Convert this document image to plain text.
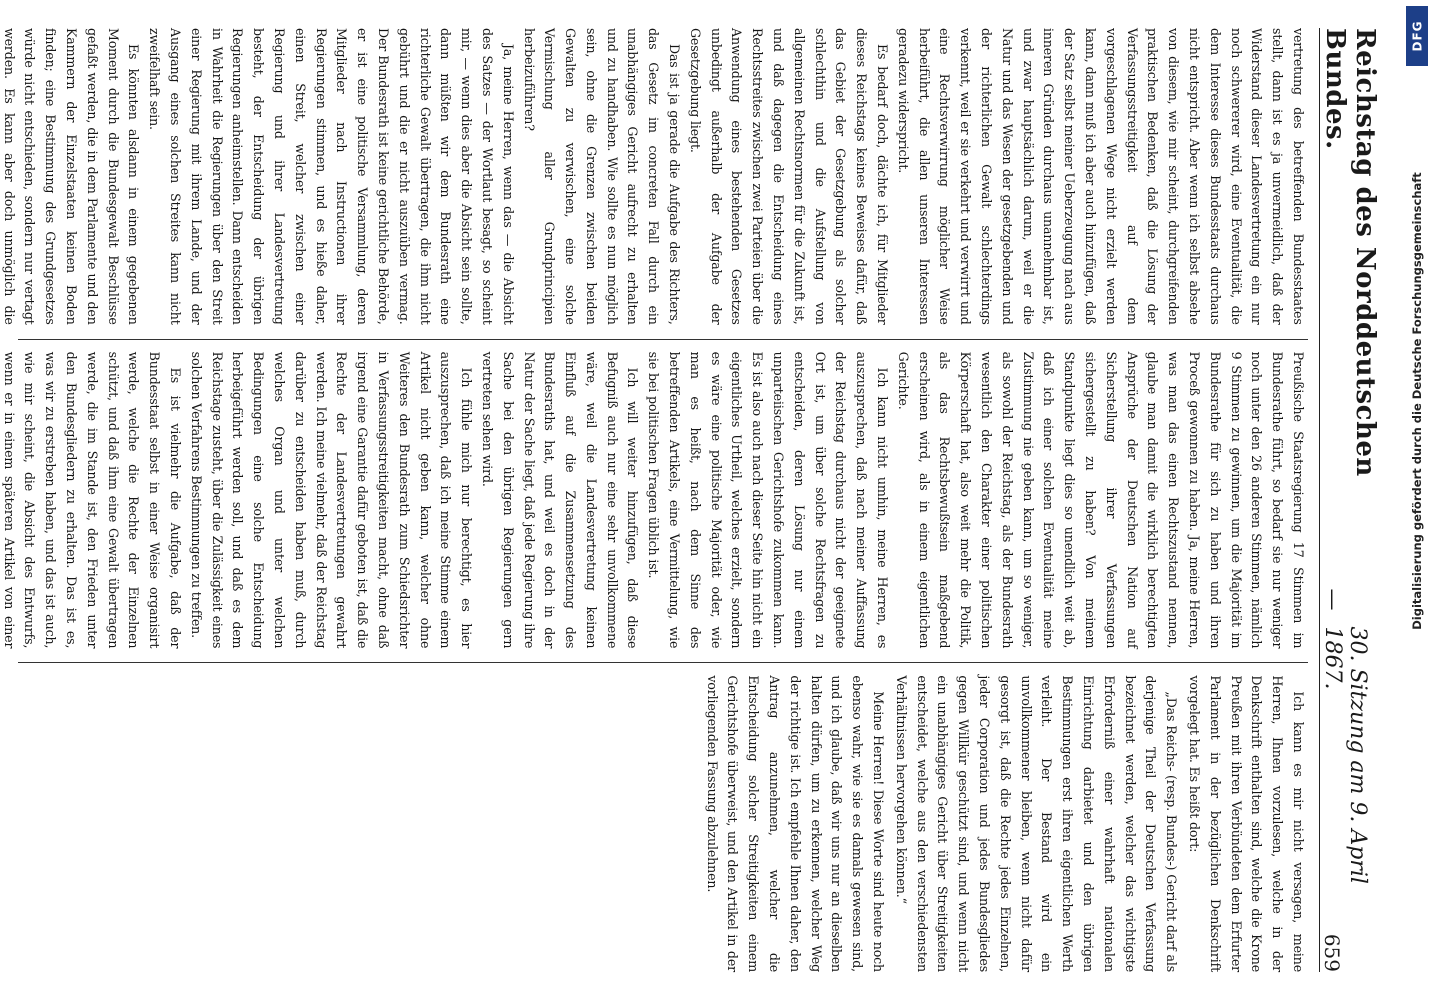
Reichstag des Norddeutschen Bundes.
—
30. Sitzung am 9. April 1867.
659

vertretung des betreffenden Bundesstaates stellt, dann ist es ja unvermeidlich, daß der Widerstand dieser Landesvertretung ein nur noch schwererer wird, eine Eventualität, die dem Interesse dieses Bundesstaats durchaus nicht entspricht. Aber wenn ich selbst absehe von diesem, wie mir scheint, durchgreifenden praktischen Bedenken, daß die Lösung der Verfassungsstreitigkeit auf dem vorgeschlagenen Wege nicht erzielt werden kann, dann muß ich aber auch hinzufügen, daß der Satz selbst meiner Ueberzeugung nach aus inneren Gründen durchaus unannehmbar ist, und zwar hauptsächlich darum, weil er die Natur und das Wesen der gesetzgebenden und der richterlichen Gewalt schlechterdings verkennt, weil er sie verkehrt und verwirrt und eine Rechtsverwirrung möglicher Weise herbeiführt, die allen unseren Interessen geradezu widerspricht.

Es bedarf doch, dächte ich, für Mitglieder dieses Reichstags keines Beweises dafür, daß das Gebiet der Gesetzgebung als solcher schlechthin und die Aufstellung von allgemeinen Rechtsnormen für die Zukunft ist, und daß dagegen die Entscheidung eines Rechtsstreites zwischen zwei Parteien über die Anwendung eines bestehenden Gesetzes unbedingt außerhalb der Aufgabe der Gesetzgebung liegt.

Das ist ja gerade die Aufgabe des Richters, das Gesetz im concreten Fall durch ein unabhängiges Gericht aufrecht zu erhalten und zu handhaben. Wie sollte es nun möglich sein, ohne die Grenzen zwischen beiden Gewalten zu verwischen, eine solche Vermischung aller Grundprincipien herbeizuführen?

Ja, meine Herren, wenn das — die Absicht des Satzes — der Wortlaut besagt, so scheint mir, — wenn dies aber die Absicht sein sollte, dann müßten wir dem Bundesrath eine richterliche Gewalt übertragen, die ihm nicht gebührt und die er nicht auszuüben vermag. Der Bundesrath ist keine gerichtliche Behörde, er ist eine politische Versammlung, deren Mitglieder nach Instructionen ihrer Regierungen stimmen, und es hieße daher, einen Streit, welcher zwischen einer Regierung und ihrer Landesvertretung besteht, der Entscheidung der übrigen Regierungen anheimstellen. Dann entscheiden in Wahrheit die Regierungen über den Streit einer Regierung mit ihrem Lande, und der Ausgang eines solchen Streites kann nicht zweifelhaft sein.

Es könnten alsdann in einem gegebenen Moment durch die Bundesgewalt Beschlüsse gefaßt werden, die in dem Parlamente und den Kammern der Einzelstaaten keinen Boden finden; eine Bestimmung des Grundgesetzes würde nicht entschieden, sondern nur vertagt werden. Es kann aber doch unmöglich die

Preußische Staatsregierung 17 Stimmen im Bundesrathe führt, so bedarf sie nur weniger noch unter den 26 anderen Stimmen, nämlich 9 Stimmen zu gewinnen, um die Majorität im Bundesrathe für sich zu haben und ihren Proceß gewonnen zu haben. Ja, meine Herren, was man das einen Rechtszustand nennen, glaube man damit die wirklich berechtigten Ansprüche der Deutschen Nation auf Sicherstellung ihrer Verfassungen sichergestellt zu haben? Von meinem Standpunkte liegt dies so unendlich weit ab, daß ich einer solchen Eventualität meine Zustimmung nie geben kann, um so weniger, als sowohl der Reichstag, als der Bundesrath wesentlich den Charakter einer politischen Körperschaft hat, also weit mehr die Politik, als das Rechtsbewußtsein maßgebend erscheinen wird, als in einem eigentlichen Gerichte.

Ich kann nicht umhin, meine Herren, es auszusprechen, daß nach meiner Auffassung der Reichstag durchaus nicht der geeignete Ort ist, um über solche Rechtsfragen zu entscheiden, deren Lösung nur einem unparteiischen Gerichtshofe zukommen kann. Es ist also auch nach dieser Seite hin nicht ein eigentliches Urtheil, welches erzielt, sondern es wäre eine politische Majorität oder, wie man es heißt, nach dem Sinne des betreffenden Artikels, eine Vermittelung, wie sie bei politischen Fragen üblich ist.

Ich will weiter hinzufügen, daß diese Befugniß auch nur eine sehr unvollkommene wäre, weil die Landesvertretung keinen Einfluß auf die Zusammensetzung des Bundesraths hat, und weil es doch in der Natur der Sache liegt, daß jede Regierung ihre Sache bei den übrigen Regierungen gern vertreten sehen wird.

Ich fühle mich nur berechtigt, es hier auszusprechen, daß ich meine Stimme einem Artikel nicht geben kann, welcher ohne Weiteres den Bundesrath zum Schiedsrichter in Verfassungsstreitigkeiten macht, ohne daß irgend eine Garantie dafür geboten ist, daß die Rechte der Landesvertretungen gewahrt werden. Ich meine vielmehr, daß der Reichstag darüber zu entscheiden haben muß, durch welches Organ und unter welchen Bedingungen eine solche Entscheidung herbeigeführt werden soll, und daß es dem Reichstage zusteht, über die Zulässigkeit eines solchen Verfahrens Bestimmungen zu treffen.

Es ist vielmehr die Aufgabe, daß der Bundesstaat selbst in einer Weise organisirt werde, welche die Rechte der Einzelnen schützt, und daß ihm eine Gewalt übertragen werde, die im Stande ist, den Frieden unter den Bundesgliedern zu erhalten. Das ist es, was wir zu erstreben haben, und das ist auch, wie mir scheint, die Absicht des Entwurfs, wenn er in einem späteren Artikel von einer

Ich kann es mir nicht versagen, meine Herren, Ihnen vorzulesen, welche in der Denkschrift enthalten sind, welche die Krone Preußen mit ihren Verbündeten dem Erfurter Parlament in der bezüglichen Denkschrift vorgelegt hat. Es heißt dort:

„Das Reichs- (resp. Bundes-) Gericht darf als derjenige Theil der Deutschen Verfassung bezeichnet werden, welcher das wichtigste Erforderniß einer wahrhaft nationalen Einrichtung darbietet und den übrigen Bestimmungen erst ihren eigentlichen Werth verleiht. Der Bestand wird ein unvollkommener bleiben, wenn nicht dafür gesorgt ist, daß die Rechte jedes Einzelnen, jeder Corporation und jedes Bundesgliedes gegen Willkür geschützt sind, und wenn nicht ein unabhängiges Gericht über Streitigkeiten entscheidet, welche aus den verschiedensten Verhältnissen hervorgehen können.“

Meine Herren! Diese Worte sind heute noch ebenso wahr, wie sie es damals gewesen sind, und ich glaube, daß wir uns nur an dieselben halten dürfen, um zu erkennen, welcher Weg der richtige ist. Ich empfehle Ihnen daher, den Antrag anzunehmen, welcher die Entscheidung solcher Streitigkeiten einem Gerichtshofe überweist, und den Artikel in der vorliegenden Fassung abzulehnen.

DFG
Digitalisierung gefördert durch die Deutsche Forschungsgemeinschaft
